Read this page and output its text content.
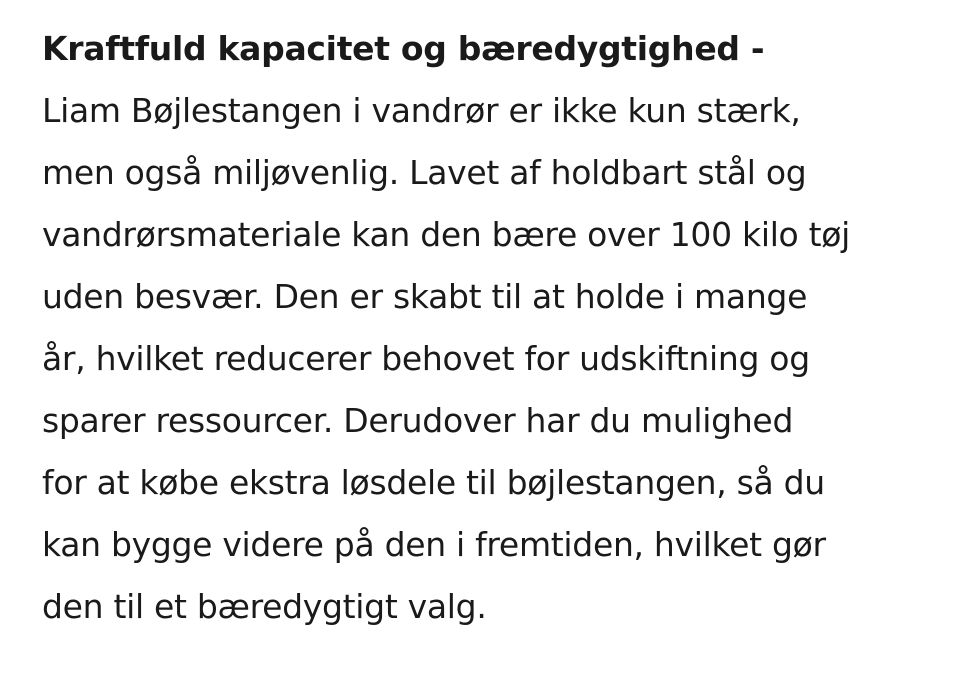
Kraftfuld kapacitet og bæredygtighed -
Liam Bøjlestangen i vandrør er ikke kun stærk,
men også miljøvenlig. Lavet af holdbart stål og
vandrørsmateriale kan den bære over 100 kilo tøj
uden besvær. Den er skabt til at holde i mange
år, hvilket reducerer behovet for udskiftning og
sparer ressourcer. Derudover har du mulighed
for at købe ekstra løsdele til bøjlestangen, så du
kan bygge videre på den i fremtiden, hvilket gør
den til et bæredygtigt valg.
